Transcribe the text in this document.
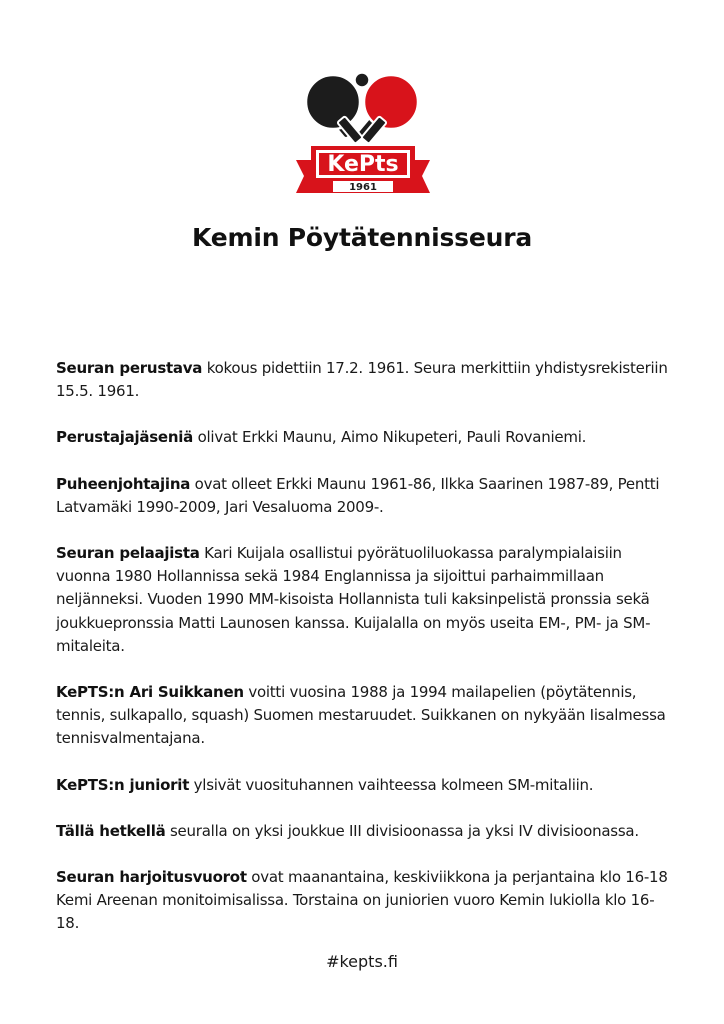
KePts
1961
Kemin Pöytätennisseura

Seuran perustava kokous pidettiin 17.2. 1961. Seura merkittiin yhdistysrekisteriin 15.5. 1961.

Perustajajäseniä olivat Erkki Maunu, Aimo Nikupeteri, Pauli Rovaniemi.

Puheenjohtajina ovat olleet Erkki Maunu 1961-86, Ilkka Saarinen 1987-89, Pentti Latvamäki 1990-2009, Jari Vesaluoma 2009-.

Seuran pelaajista Kari Kuijala osallistui pyörätuoliluokassa paralympialaisiin vuonna 1980 Hollannissa sekä 1984 Englannissa ja sijoittui parhaimmillaan neljänneksi. Vuoden 1990 MM-kisoista Hollannista tuli kaksinpelistä pronssia sekä joukkuepronssia Matti Launosen kanssa. Kuijalalla on myös useita EM-, PM- ja SM-mitaleita.

KePTS:n Ari Suikkanen voitti vuosina 1988 ja 1994 mailapelien (pöytätennis, tennis, sulkapallo, squash) Suomen mestaruudet. Suikkanen on nykyään Iisalmessa tennisvalmentajana.

KePTS:n juniorit ylsivät vuosituhannen vaihteessa kolmeen SM-mitaliin.

Tällä hetkellä seuralla on yksi joukkue III divisioonassa ja yksi IV divisioonassa.

Seuran harjoitusvuorot ovat maanantaina, keskiviikkona ja perjantaina klo 16-18 Kemi Areenan monitoimisalissa. Torstaina on juniorien vuoro Kemin lukiolla klo 16-18.

#kepts.fi
